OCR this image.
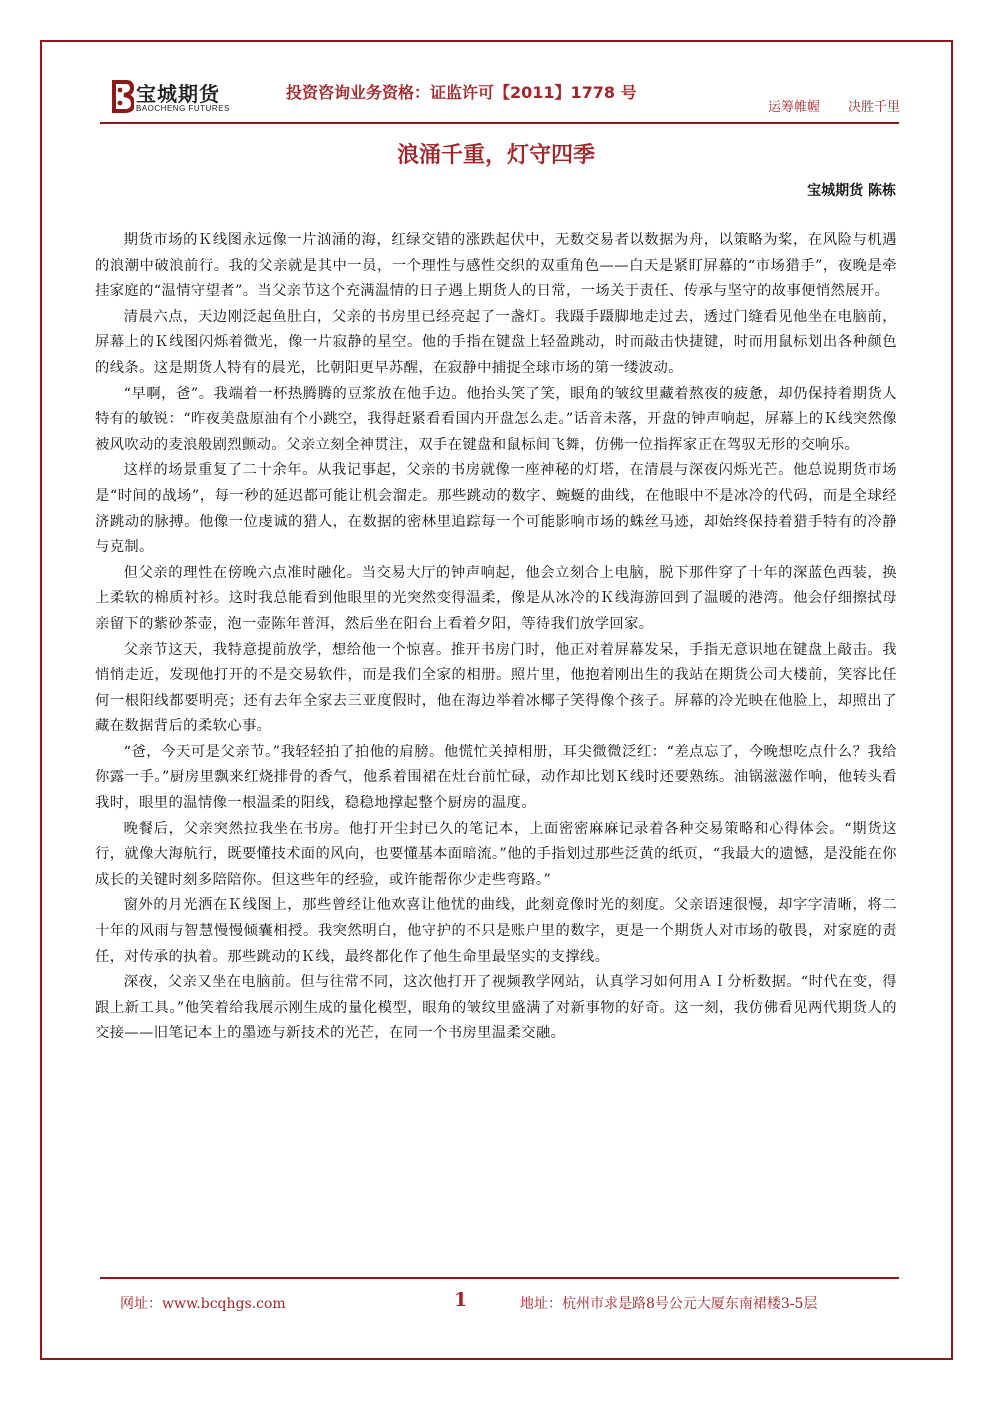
宝城期货
BAOCHENG FUTURES
投资咨询业务资格：证监许可【2011】1778 号
运筹帷幄 决胜千里
浪涌千重，灯守四季
宝城期货 陈栋

期货市场的Ｋ线图永远像一片汹涌的海，红绿交错的涨跌起伏中，无数交易者以数据为舟，以策略为桨，在风险与机遇的浪潮中破浪前行。我的父亲就是其中一员，一个理性与感性交织的双重角色——白天是紧盯屏幕的“市场猎手”，夜晚是牵挂家庭的“温情守望者”。当父亲节这个充满温情的日子遇上期货人的日常，一场关于责任、传承与坚守的故事便悄然展开。

清晨六点，天边刚泛起鱼肚白，父亲的书房里已经亮起了一盏灯。我蹑手蹑脚地走过去，透过门缝看见他坐在电脑前，屏幕上的Ｋ线图闪烁着微光，像一片寂静的星空。他的手指在键盘上轻盈跳动，时而敲击快捷键，时而用鼠标划出各种颜色的线条。这是期货人特有的晨光，比朝阳更早苏醒，在寂静中捕捉全球市场的第一缕波动。

“早啊，爸”。我端着一杯热腾腾的豆浆放在他手边。他抬头笑了笑，眼角的皱纹里藏着熬夜的疲惫，却仍保持着期货人特有的敏锐：“昨夜美盘原油有个小跳空，我得赶紧看看国内开盘怎么走。”话音未落，开盘的钟声响起，屏幕上的Ｋ线突然像被风吹动的麦浪般剧烈颤动。父亲立刻全神贯注，双手在键盘和鼠标间飞舞，仿佛一位指挥家正在驾驭无形的交响乐。

这样的场景重复了二十余年。从我记事起，父亲的书房就像一座神秘的灯塔，在清晨与深夜闪烁光芒。他总说期货市场是“时间的战场”，每一秒的延迟都可能让机会溜走。那些跳动的数字、蜿蜒的曲线，在他眼中不是冰冷的代码，而是全球经济跳动的脉搏。他像一位虔诚的猎人，在数据的密林里追踪每一个可能影响市场的蛛丝马迹，却始终保持着猎手特有的冷静与克制。

但父亲的理性在傍晚六点准时融化。当交易大厅的钟声响起，他会立刻合上电脑，脱下那件穿了十年的深蓝色西装，换上柔软的棉质衬衫。这时我总能看到他眼里的光突然变得温柔，像是从冰冷的Ｋ线海游回到了温暖的港湾。他会仔细擦拭母亲留下的紫砂茶壶，泡一壶陈年普洱，然后坐在阳台上看着夕阳，等待我们放学回家。

父亲节这天，我特意提前放学，想给他一个惊喜。推开书房门时，他正对着屏幕发呆，手指无意识地在键盘上敲击。我悄悄走近，发现他打开的不是交易软件，而是我们全家的相册。照片里，他抱着刚出生的我站在期货公司大楼前，笑容比任何一根阳线都要明亮；还有去年全家去三亚度假时，他在海边举着冰椰子笑得像个孩子。屏幕的冷光映在他脸上，却照出了藏在数据背后的柔软心事。

“爸，今天可是父亲节。”我轻轻拍了拍他的肩膀。他慌忙关掉相册，耳尖微微泛红：“差点忘了，今晚想吃点什么？我给你露一手。”厨房里飘来红烧排骨的香气，他系着围裙在灶台前忙碌，动作却比划Ｋ线时还要熟练。油锅滋滋作响，他转头看我时，眼里的温情像一根温柔的阳线，稳稳地撑起整个厨房的温度。

晚餐后，父亲突然拉我坐在书房。他打开尘封已久的笔记本，上面密密麻麻记录着各种交易策略和心得体会。“期货这行，就像大海航行，既要懂技术面的风向，也要懂基本面暗流。”他的手指划过那些泛黄的纸页，“我最大的遗憾，是没能在你成长的关键时刻多陪陪你。但这些年的经验，或许能帮你少走些弯路。”

窗外的月光洒在Ｋ线图上，那些曾经让他欢喜让他忧的曲线，此刻竟像时光的刻度。父亲语速很慢，却字字清晰，将二十年的风雨与智慧慢慢倾囊相授。我突然明白，他守护的不只是账户里的数字，更是一个期货人对市场的敬畏，对家庭的责任，对传承的执着。那些跳动的Ｋ线，最终都化作了他生命里最坚实的支撑线。

深夜，父亲又坐在电脑前。但与往常不同，这次他打开了视频教学网站，认真学习如何用ＡＩ分析数据。“时代在变，得跟上新工具。”他笑着给我展示刚生成的量化模型，眼角的皱纹里盛满了对新事物的好奇。这一刻，我仿佛看见两代期货人的交接——旧笔记本上的墨迹与新技术的光芒，在同一个书房里温柔交融。

网址：www.bcqhgs.com	1	地址：杭州市求是路8号公元大厦东南裙楼3-5层
